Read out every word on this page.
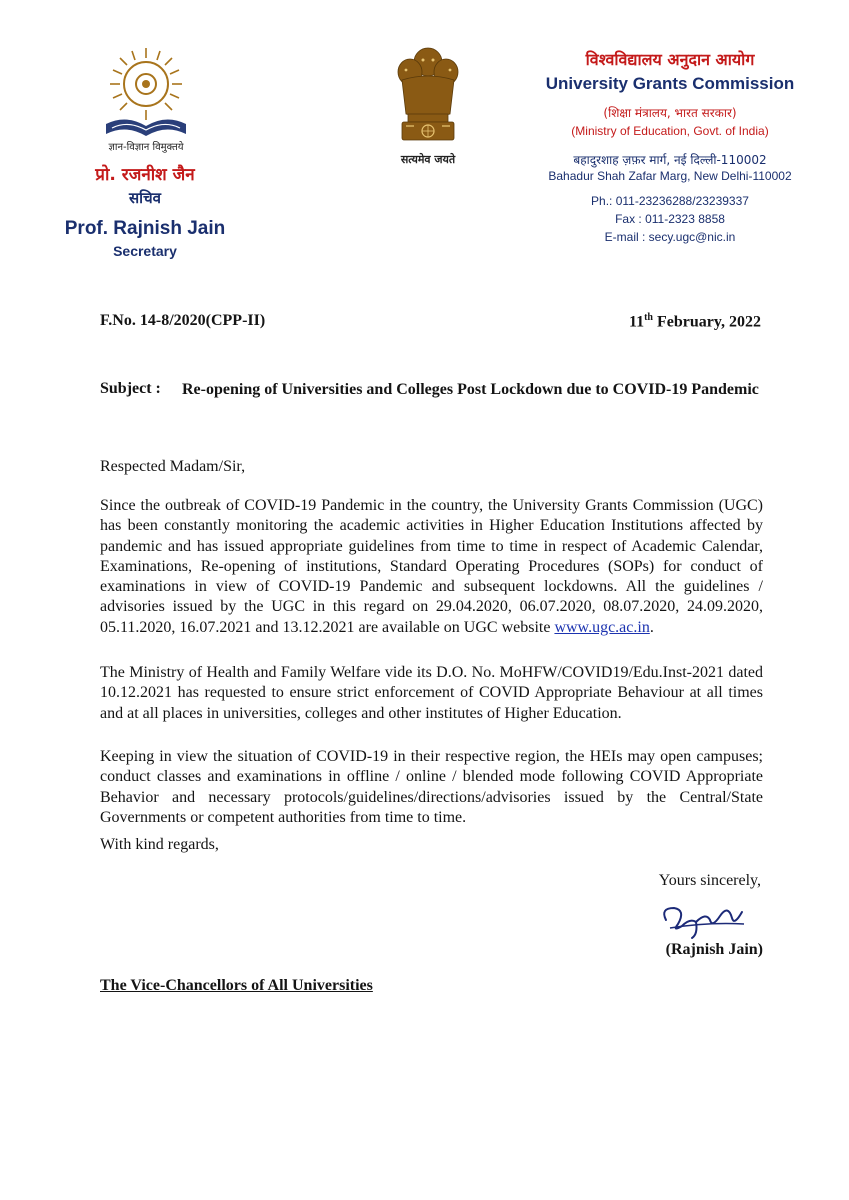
ज्ञान-विज्ञान विमुक्तये
प्रो. रजनीश जैन
सचिव
Prof. Rajnish Jain
Secretary
सत्यमेव जयते
विश्वविद्यालय अनुदान आयोग
University Grants Commission
(शिक्षा मंत्रालय, भारत सरकार)
(Ministry of Education, Govt. of India)
बहादुरशाह ज़फ़र मार्ग, नई दिल्ली-110002
Bahadur Shah Zafar Marg, New Delhi-110002
Ph.: 011-23236288/23239337
Fax : 011-2323 8858
E-mail : secy.ugc@nic.in
F.No. 14-8/2020(CPP-II)	11th February, 2022
Subject : Re-opening of Universities and Colleges Post Lockdown due to COVID-19 Pandemic
Respected Madam/Sir,
Since the outbreak of COVID-19 Pandemic in the country, the University Grants Commission (UGC) has been constantly monitoring the academic activities in Higher Education Institutions affected by pandemic and has issued appropriate guidelines from time to time in respect of Academic Calendar, Examinations, Re-opening of institutions, Standard Operating Procedures (SOPs) for conduct of examinations in view of COVID-19 Pandemic and subsequent lockdowns. All the guidelines / advisories issued by the UGC in this regard on 29.04.2020, 06.07.2020, 08.07.2020, 24.09.2020, 05.11.2020, 16.07.2021 and 13.12.2021 are available on UGC website www.ugc.ac.in.
The Ministry of Health and Family Welfare vide its D.O. No. MoHFW/COVID19/Edu.Inst-2021 dated 10.12.2021 has requested to ensure strict enforcement of COVID Appropriate Behaviour at all times and at all places in universities, colleges and other institutes of Higher Education.
Keeping in view the situation of COVID-19 in their respective region, the HEIs may open campuses; conduct classes and examinations in offline / online / blended mode following COVID Appropriate Behavior and necessary protocols/guidelines/directions/advisories issued by the Central/State Governments or competent authorities from time to time.
With kind regards,
Yours sincerely,
(Rajnish Jain)
The Vice-Chancellors of All Universities
